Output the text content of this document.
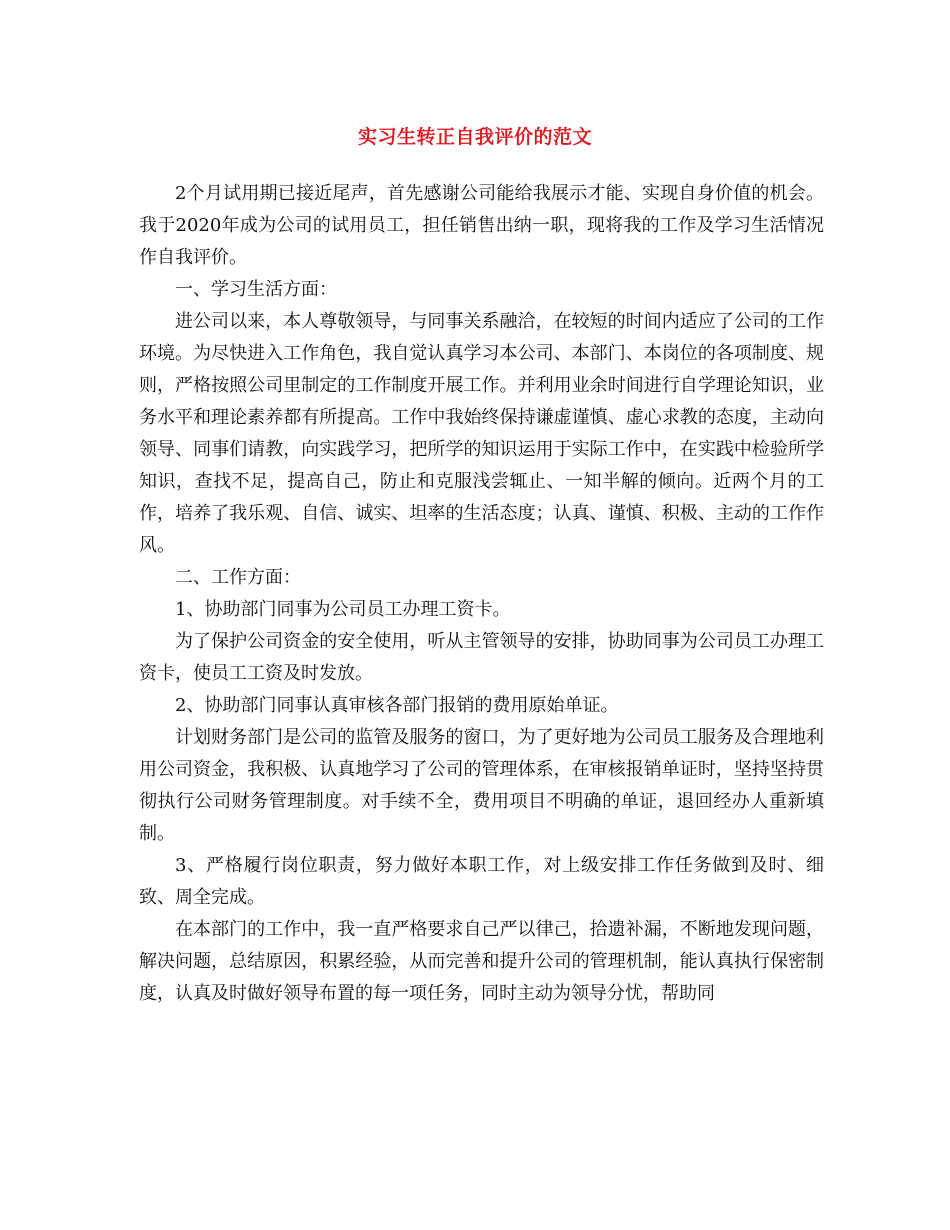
实习生转正自我评价的范文

2个月试用期已接近尾声，首先感谢公司能给我展示才能、实现自身价值的机会。我于2020年成为公司的试用员工，担任销售出纳一职，现将我的工作及学习生活情况作自我评价。

一、学习生活方面：

进公司以来，本人尊敬领导，与同事关系融洽，在较短的时间内适应了公司的工作环境。为尽快进入工作角色，我自觉认真学习本公司、本部门、本岗位的各项制度、规则，严格按照公司里制定的工作制度开展工作。并利用业余时间进行自学理论知识，业务水平和理论素养都有所提高。工作中我始终保持谦虚谨慎、虚心求教的态度，主动向领导、同事们请教，向实践学习，把所学的知识运用于实际工作中，在实践中检验所学知识，查找不足，提高自己，防止和克服浅尝辄止、一知半解的倾向。近两个月的工作，培养了我乐观、自信、诚实、坦率的生活态度；认真、谨慎、积极、主动的工作作风。

二、工作方面：

1、协助部门同事为公司员工办理工资卡。

为了保护公司资金的安全使用，听从主管领导的安排，协助同事为公司员工办理工资卡，使员工工资及时发放。

2、协助部门同事认真审核各部门报销的费用原始单证。

计划财务部门是公司的监管及服务的窗口，为了更好地为公司员工服务及合理地利用公司资金，我积极、认真地学习了公司的管理体系，在审核报销单证时，坚持坚持贯彻执行公司财务管理制度。对手续不全，费用项目不明确的单证，退回经办人重新填制。

3、严格履行岗位职责，努力做好本职工作，对上级安排工作任务做到及时、细致、周全完成。

在本部门的工作中，我一直严格要求自己严以律己，拾遗补漏，不断地发现问题，解决问题，总结原因，积累经验，从而完善和提升公司的管理机制，能认真执行保密制度，认真及时做好领导布置的每一项任务，同时主动为领导分忧，帮助同
